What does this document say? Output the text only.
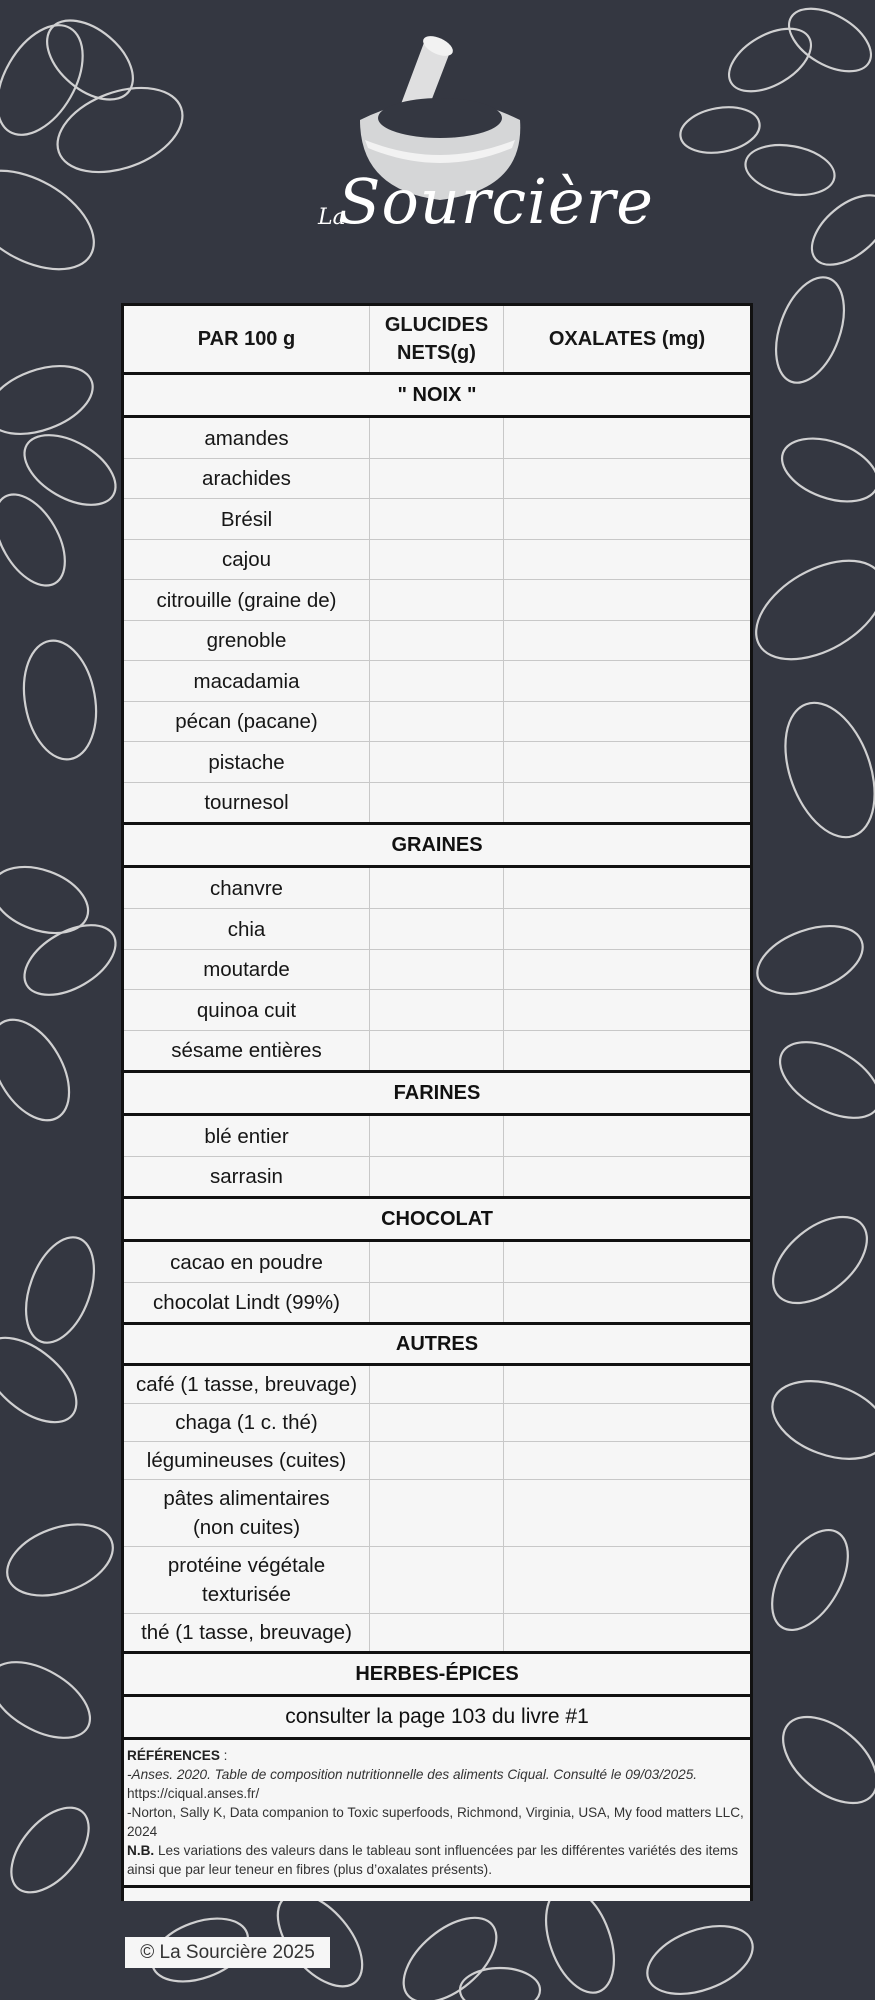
La
Sourcière
PAR 100 g
GLUCIDES NETS(g)
OXALATES (mg)
" NOIX "
amandes
arachides
Brésil
cajou
citrouille (graine de)
grenoble
macadamia
pécan (pacane)
pistache
tournesol
GRAINES
chanvre
chia
moutarde
quinoa cuit
sésame entières
FARINES
blé entier
sarrasin
CHOCOLAT
cacao en poudre
chocolat Lindt (99%)
AUTRES
café (1 tasse, breuvage)
chaga (1 c. thé)
légumineuses (cuites)
pâtes alimentaires (non cuites)
protéine végétale texturisée
thé (1 tasse, breuvage)
HERBES-ÉPICES
consulter la page 103 du livre #1
RÉFÉRENCES :
-Anses. 2020. Table de composition nutritionnelle des aliments Ciqual. Consulté le 09/03/2025. https://ciqual.anses.fr/
-Norton, Sally K, Data companion to Toxic superfoods, Richmond, Virginia, USA, My food matters LLC, 2024
N.B. Les variations des valeurs dans le tableau sont influencées par les différentes variétés des items ainsi que par leur teneur en fibres (plus d’oxalates présents).
© La Sourcière 2025
